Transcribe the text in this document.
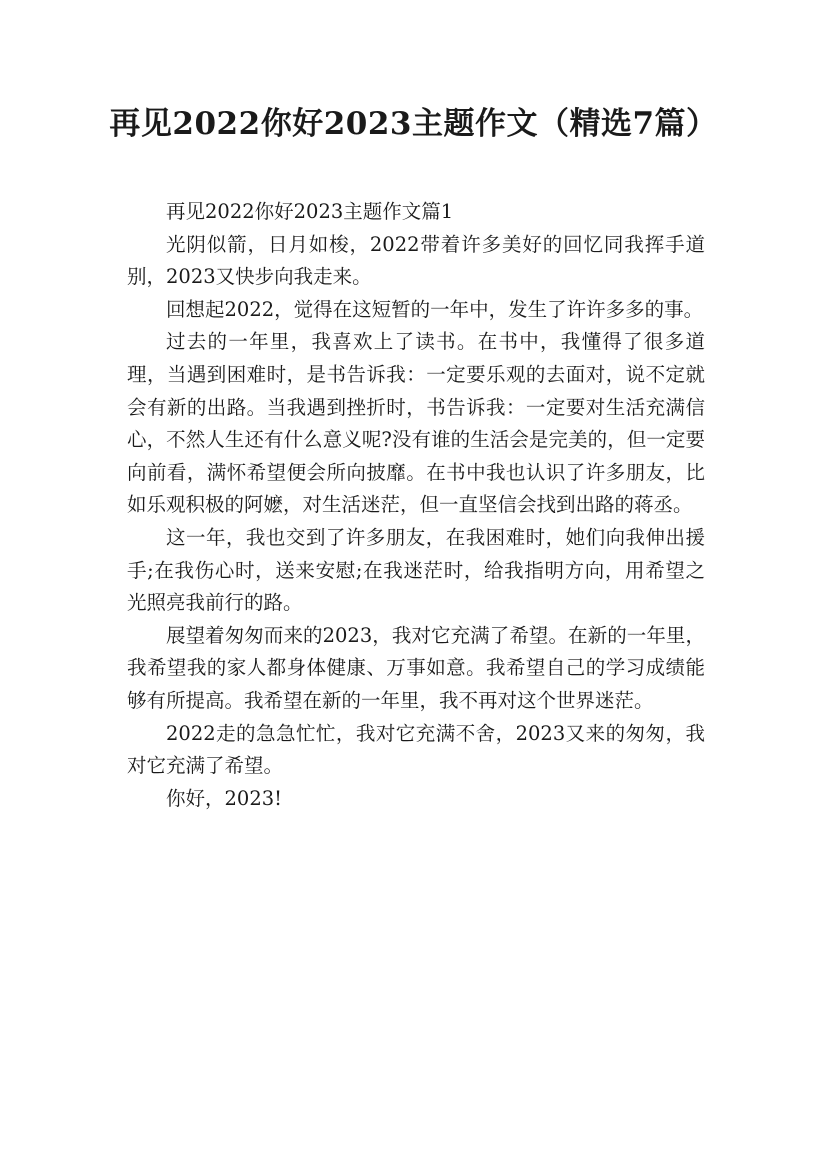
再见2022你好2023主题作文（精选7篇）

再见2022你好2023主题作文篇1

光阴似箭，日月如梭，2022带着许多美好的回忆同我挥手道别，2023又快步向我走来。

回想起2022，觉得在这短暂的一年中，发生了许许多多的事。

过去的一年里，我喜欢上了读书。在书中，我懂得了很多道理，当遇到困难时，是书告诉我：一定要乐观的去面对，说不定就会有新的出路。当我遇到挫折时，书告诉我：一定要对生活充满信心，不然人生还有什么意义呢?没有谁的生活会是完美的，但一定要向前看，满怀希望便会所向披靡。在书中我也认识了许多朋友，比如乐观积极的阿嬷，对生活迷茫，但一直坚信会找到出路的蒋丞。

这一年，我也交到了许多朋友，在我困难时，她们向我伸出援手;在我伤心时，送来安慰;在我迷茫时，给我指明方向，用希望之光照亮我前行的路。

展望着匆匆而来的2023，我对它充满了希望。在新的一年里，我希望我的家人都身体健康、万事如意。我希望自己的学习成绩能够有所提高。我希望在新的一年里，我不再对这个世界迷茫。

2022走的急急忙忙，我对它充满不舍，2023又来的匆匆，我对它充满了希望。

你好，2023!
